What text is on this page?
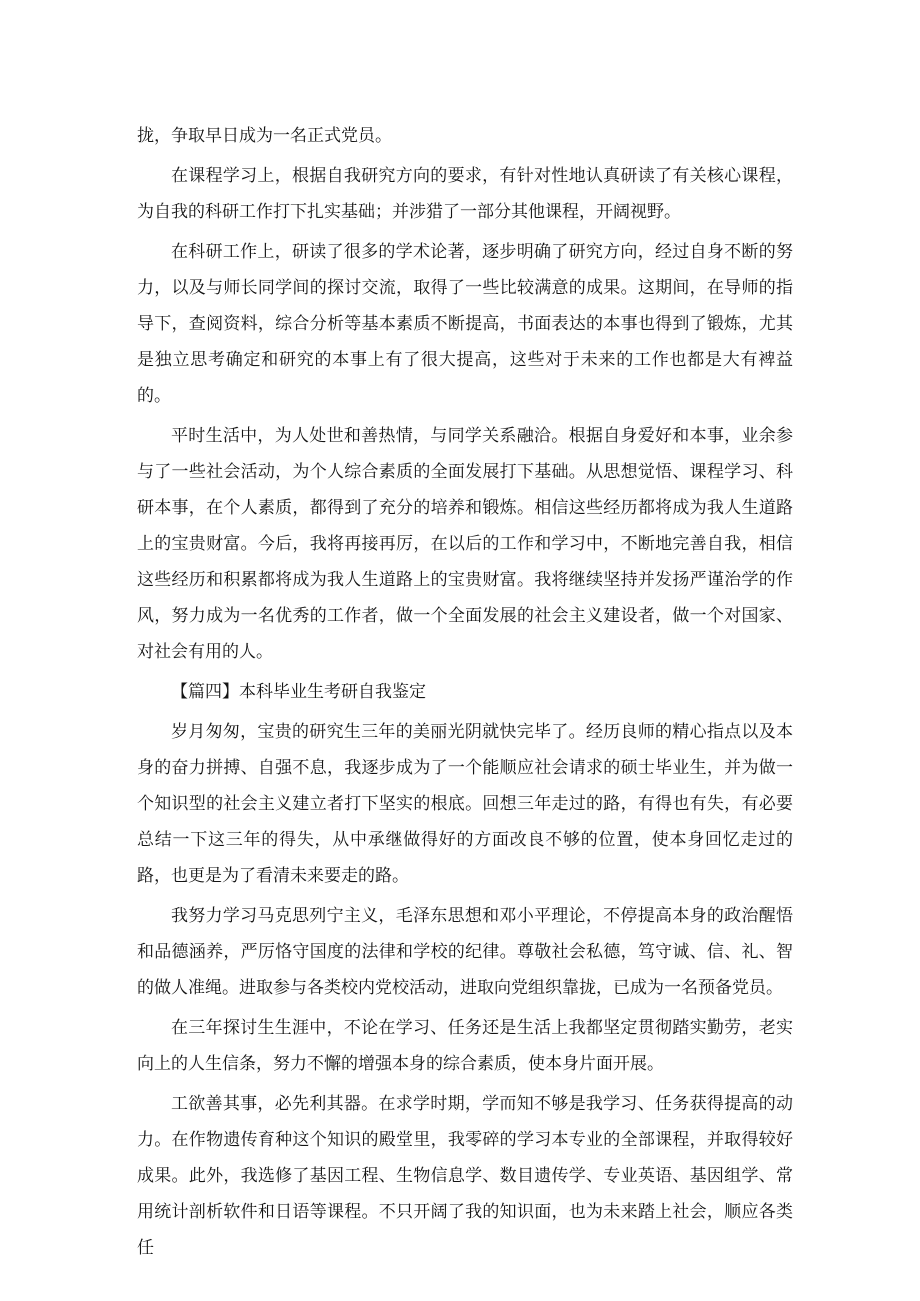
拢，争取早日成为一名正式党员。

在课程学习上，根据自我研究方向的要求，有针对性地认真研读了有关核心课程，为自我的科研工作打下扎实基础；并涉猎了一部分其他课程，开阔视野。

在科研工作上，研读了很多的学术论著，逐步明确了研究方向，经过自身不断的努力，以及与师长同学间的探讨交流，取得了一些比较满意的成果。这期间，在导师的指导下，查阅资料，综合分析等基本素质不断提高，书面表达的本事也得到了锻炼，尤其是独立思考确定和研究的本事上有了很大提高，这些对于未来的工作也都是大有裨益的。

平时生活中，为人处世和善热情，与同学关系融洽。根据自身爱好和本事，业余参与了一些社会活动，为个人综合素质的全面发展打下基础。从思想觉悟、课程学习、科研本事，在个人素质，都得到了充分的培养和锻炼。相信这些经历都将成为我人生道路上的宝贵财富。今后，我将再接再厉，在以后的工作和学习中，不断地完善自我，相信这些经历和积累都将成为我人生道路上的宝贵财富。我将继续坚持并发扬严谨治学的作风，努力成为一名优秀的工作者，做一个全面发展的社会主义建设者，做一个对国家、对社会有用的人。

【篇四】本科毕业生考研自我鉴定

岁月匆匆，宝贵的研究生三年的美丽光阴就快完毕了。经历良师的精心指点以及本身的奋力拼搏、自强不息，我逐步成为了一个能顺应社会请求的硕士毕业生，并为做一个知识型的社会主义建立者打下坚实的根底。回想三年走过的路，有得也有失，有必要总结一下这三年的得失，从中承继做得好的方面改良不够的位置，使本身回忆走过的路，也更是为了看清未来要走的路。

我努力学习马克思列宁主义，毛泽东思想和邓小平理论，不停提高本身的政治醒悟和品德涵养，严厉恪守国度的法律和学校的纪律。尊敬社会私德，笃守诚、信、礼、智的做人准绳。进取参与各类校内党校活动，进取向党组织靠拢，已成为一名预备党员。

在三年探讨生生涯中，不论在学习、任务还是生活上我都坚定贯彻踏实勤劳，老实向上的人生信条，努力不懈的增强本身的综合素质，使本身片面开展。

工欲善其事，必先利其器。在求学时期，学而知不够是我学习、任务获得提高的动力。在作物遗传育种这个知识的殿堂里，我零碎的学习本专业的全部课程，并取得较好成果。此外，我选修了基因工程、生物信息学、数目遗传学、专业英语、基因组学、常用统计剖析软件和日语等课程。不只开阔了我的知识面，也为未来踏上社会，顺应各类任
